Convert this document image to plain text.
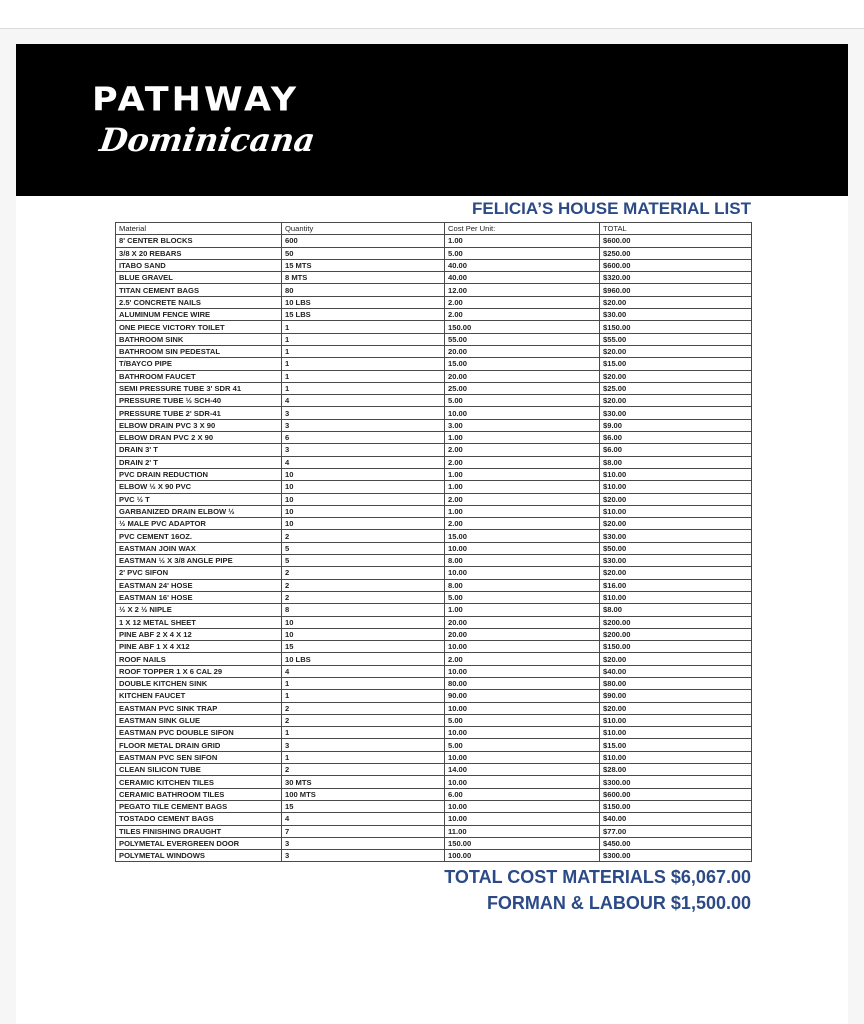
PATHWAY
Dominicana
FELICIA’S HOUSE MATERIAL LIST
Material	Quantity	Cost Per Unit:	TOTAL
8' CENTER BLOCKS	600	1.00	$600.00
3/8 X 20 REBARS	50	5.00	$250.00
ITABO SAND	15 MTS	40.00	$600.00
BLUE GRAVEL	8 MTS	40.00	$320.00
TITAN CEMENT BAGS	80	12.00	$960.00
2.5' CONCRETE NAILS	10 LBS	2.00	$20.00
ALUMINUM FENCE WIRE	15 LBS	2.00	$30.00
ONE PIECE VICTORY TOILET	1	150.00	$150.00
BATHROOM SINK	1	55.00	$55.00
BATHROOM SIN PEDESTAL	1	20.00	$20.00
T/BAYCO PIPE	1	15.00	$15.00
BATHROOM FAUCET	1	20.00	$20.00
SEMI PRESSURE TUBE 3' SDR 41	1	25.00	$25.00
PRESSURE TUBE ½ SCH-40	4	5.00	$20.00
PRESSURE TUBE 2' SDR-41	3	10.00	$30.00
ELBOW DRAIN PVC 3 X 90	3	3.00	$9.00
ELBOW DRAN PVC 2 X 90	6	1.00	$6.00
DRAIN 3' T	3	2.00	$6.00
DRAIN 2' T	4	2.00	$8.00
PVC DRAIN REDUCTION	10	1.00	$10.00
ELBOW ½ X 90 PVC	10	1.00	$10.00
PVC ½ T	10	2.00	$20.00
GARBANIZED DRAIN ELBOW ½	10	1.00	$10.00
½ MALE PVC ADAPTOR	10	2.00	$20.00
PVC CEMENT 16OZ.	2	15.00	$30.00
EASTMAN JOIN WAX	5	10.00	$50.00
EASTMAN ½ X 3/8 ANGLE PIPE	5	8.00	$30.00
2' PVC SIFON	2	10.00	$20.00
EASTMAN 24' HOSE	2	8.00	$16.00
EASTMAN 16' HOSE	2	5.00	$10.00
½ X 2 ½ NIPLE	8	1.00	$8.00
1 X 12 METAL SHEET	10	20.00	$200.00
PINE ABF 2 X 4 X 12	10	20.00	$200.00
PINE ABF 1 X 4 X12	15	10.00	$150.00
ROOF NAILS	10 LBS	2.00	$20.00
ROOF TOPPER 1 X 6 CAL 29	4	10.00	$40.00
DOUBLE KITCHEN SINK	1	80.00	$80.00
KITCHEN FAUCET	1	90.00	$90.00
EASTMAN PVC SINK TRAP	2	10.00	$20.00
EASTMAN SINK GLUE	2	5.00	$10.00
EASTMAN PVC DOUBLE SIFON	1	10.00	$10.00
FLOOR METAL DRAIN GRID	3	5.00	$15.00
EASTMAN PVC SEN SIFON	1	10.00	$10.00
CLEAN SILICON TUBE	2	14.00	$28.00
CERAMIC KITCHEN TILES	30 MTS	10.00	$300.00
CERAMIC BATHROOM TILES	100 MTS	6.00	$600.00
PEGATO TILE CEMENT BAGS	15	10.00	$150.00
TOSTADO CEMENT BAGS	4	10.00	$40.00
TILES FINISHING DRAUGHT	7	11.00	$77.00
POLYMETAL EVERGREEN DOOR	3	150.00	$450.00
POLYMETAL WINDOWS	3	100.00	$300.00
TOTAL COST MATERIALS $6,067.00
FORMAN & LABOUR $1,500.00
